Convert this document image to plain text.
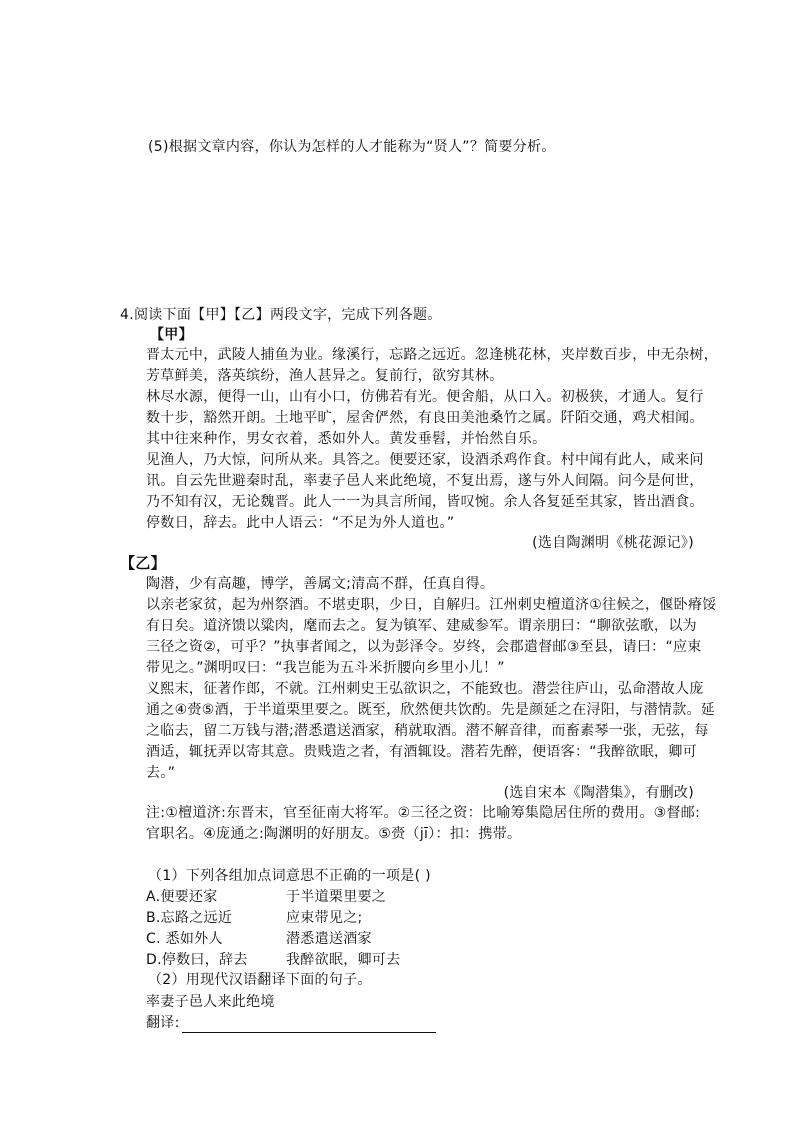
(5)根据文章内容，你认为怎样的人才能称为“贤人”？简要分析。
4.阅读下面【甲】【乙】两段文字，完成下列各题。
【甲】
晋太元中，武陵人捕鱼为业。缘溪行，忘路之远近。忽逢桃花林，夹岸数百步，中无杂树，
芳草鲜美，落英缤纷，渔人甚异之。复前行，欲穷其林。
林尽水源，便得一山，山有小口，仿佛若有光。便舍船，从口入。初极狭，才通人。复行
数十步，豁然开朗。土地平旷，屋舍俨然，有良田美池桑竹之属。阡陌交通，鸡犬相闻。
其中往来种作，男女衣着，悉如外人。黄发垂髫，并怡然自乐。
见渔人，乃大惊，问所从来。具答之。便要还家，设酒杀鸡作食。村中闻有此人，咸来问
讯。自云先世避秦时乱，率妻子邑人来此绝境，不复出焉，遂与外人间隔。问今是何世，
乃不知有汉，无论魏晋。此人一一为具言所闻，皆叹惋。余人各复延至其家，皆出酒食。
停数日，辞去。此中人语云：“不足为外人道也。”
(选自陶渊明《桃花源记》)
【乙】
陶潜，少有高趣，博学，善属文;清高不群，任真自得。
以亲老家贫，起为州祭酒。不堪吏职，少日，自解归。江州刺史檀道济①往候之，偃卧瘠馁
有日矣。道济馈以粱肉，麾而去之。复为镇军、建威参军。谓亲朋曰：“聊欲弦歌，以为
三径之资②，可乎？”执事者闻之，以为彭泽令。岁终，会郡遣督邮③至县，请曰：“应束
带见之。”渊明叹曰：“我岂能为五斗米折腰向乡里小儿！”
义熙末，征著作郎，不就。江州刺史王弘欲识之，不能致也。潜尝往庐山，弘命潜故人庞
通之④赍⑤酒，于半道栗里要之。既至，欣然便共饮酌。先是颜延之在浔阳，与潜情款。延
之临去，留二万钱与潜;潜悉遣送酒家，稍就取酒。潜不解音律，而畜素琴一张，无弦，每
酒适，辄抚弄以寄其意。贵贱造之者，有酒辄设。潜若先醉，便语客：“我醉欲眠，卿可
去。”
(选自宋本《陶潜集》，有删改)
注:①檀道济:东晋末，官至征南大将军。②三径之资：比喻筹集隐居住所的费用。③督邮:
官职名。④庞通之:陶渊明的好朋友。⑤赍（jī）：扣：携带。
（1）下列各组加点词意思不正确的一项是( )
A.便要还家	于半道栗里要之
B.忘路之远近	应束带见之;
C. 悉如外人	潜悉遣送酒家
D.停数曰，辞去	我醉欲眠，卿可去
（2）用现代汉语翻译下面的句子。
率妻子邑人来此绝境
翻译:
